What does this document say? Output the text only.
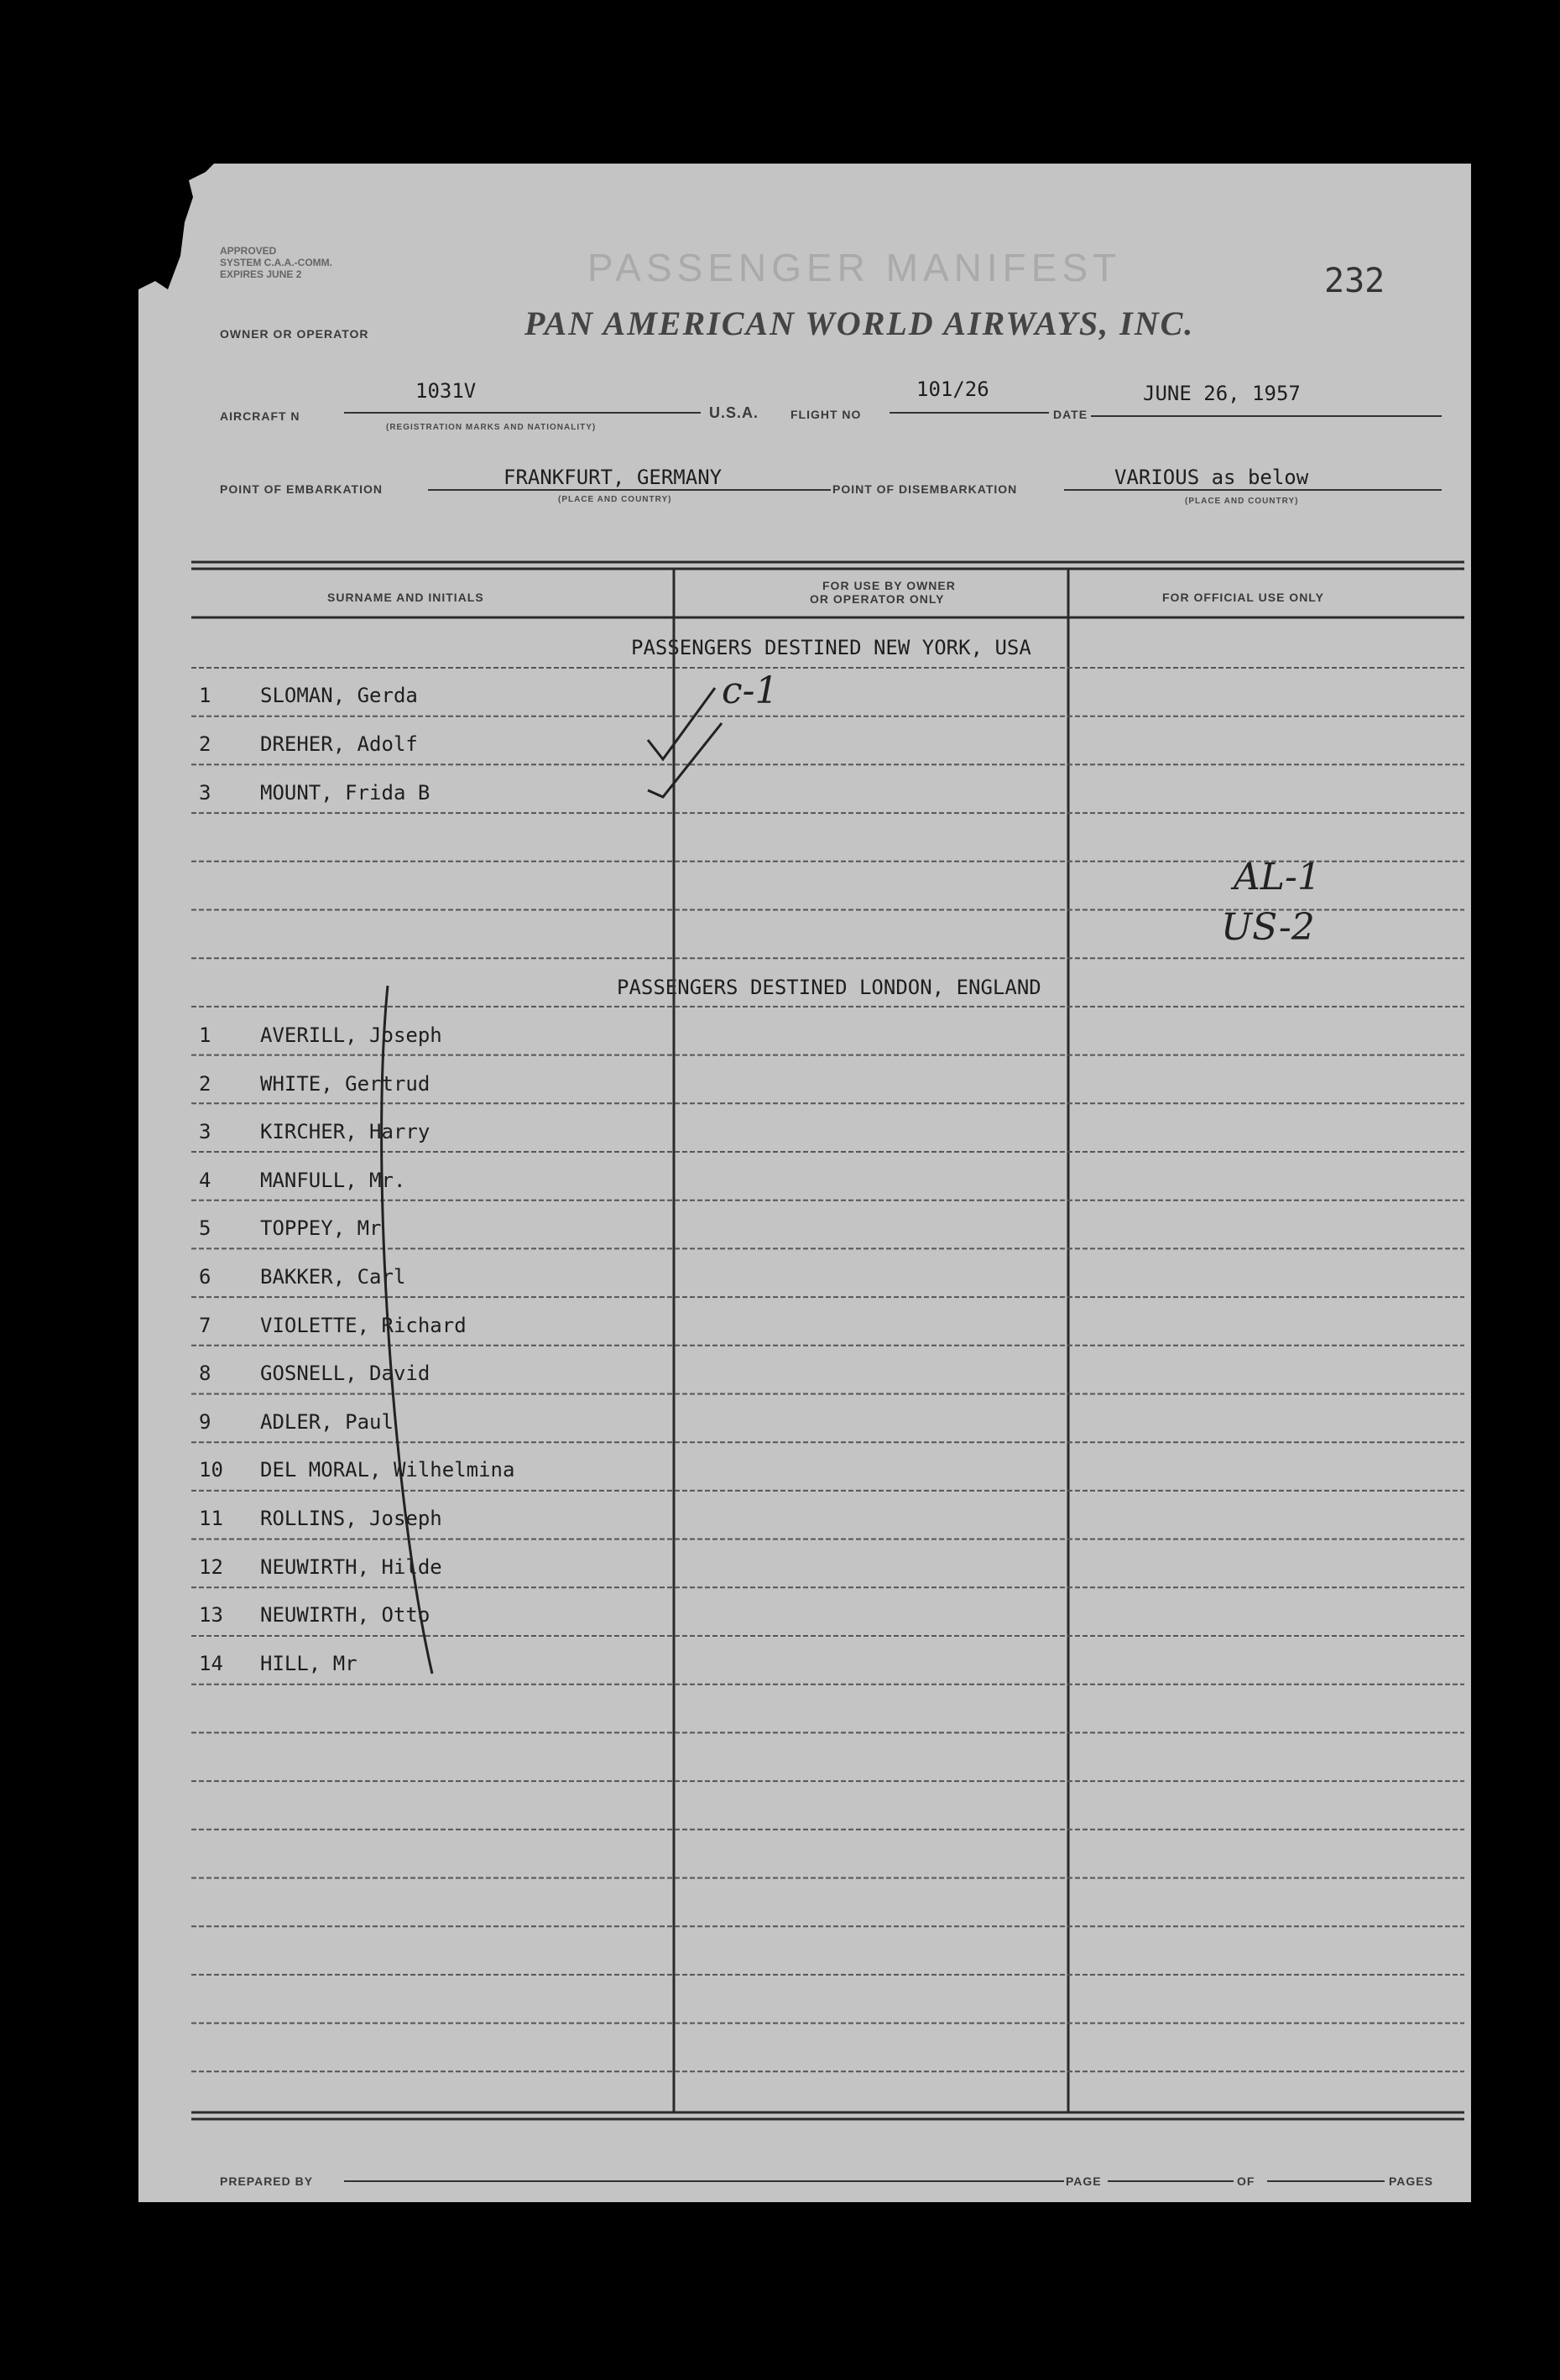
APPROVED
SYSTEM C.A.A.-COMM.
EXPIRES JUNE 2	PASSENGER MANIFEST	232
OWNER OR OPERATOR	PAN AMERICAN WORLD AIRWAYS, INC.
AIRCRAFT N
1031V
(REGISTRATION MARKS AND NATIONALITY)
U.S.A.	FLIGHT NO
101/26
DATE
JUNE 26, 1957
POINT OF EMBARKATION	FRANKFURT, GERMANY
(PLACE AND COUNTRY)
POINT OF DISEMBARKATION	VARIOUS as below
(PLACE AND COUNTRY)
SURNAME AND INITIALS
FOR USE BY OWNER
OR OPERATOR ONLY	FOR OFFICIAL USE ONLY
PASSENGERS DESTINED NEW YORK, USA
1 SLOMAN, Gerda
2 DREHER, Adolf
3 MOUNT, Frida B
c-1
AL-1
US-2
PASSENGERS DESTINED LONDON, ENGLAND
1 AVERILL, Joseph
2 WHITE, Gertrud
3 KIRCHER, Harry
4 MANFULL, Mr.
5 TOPPEY, Mr
6 BAKKER, Carl
7 VIOLETTE, Richard
8 GOSNELL, David
9 ADLER, Paul
10 DEL MORAL, Wilhelmina
11 ROLLINS, Joseph
12 NEUWIRTH, Hilde
13 NEUWIRTH, Otto
14 HILL, Mr
PREPARED BY	PAGE	OF	PAGES
